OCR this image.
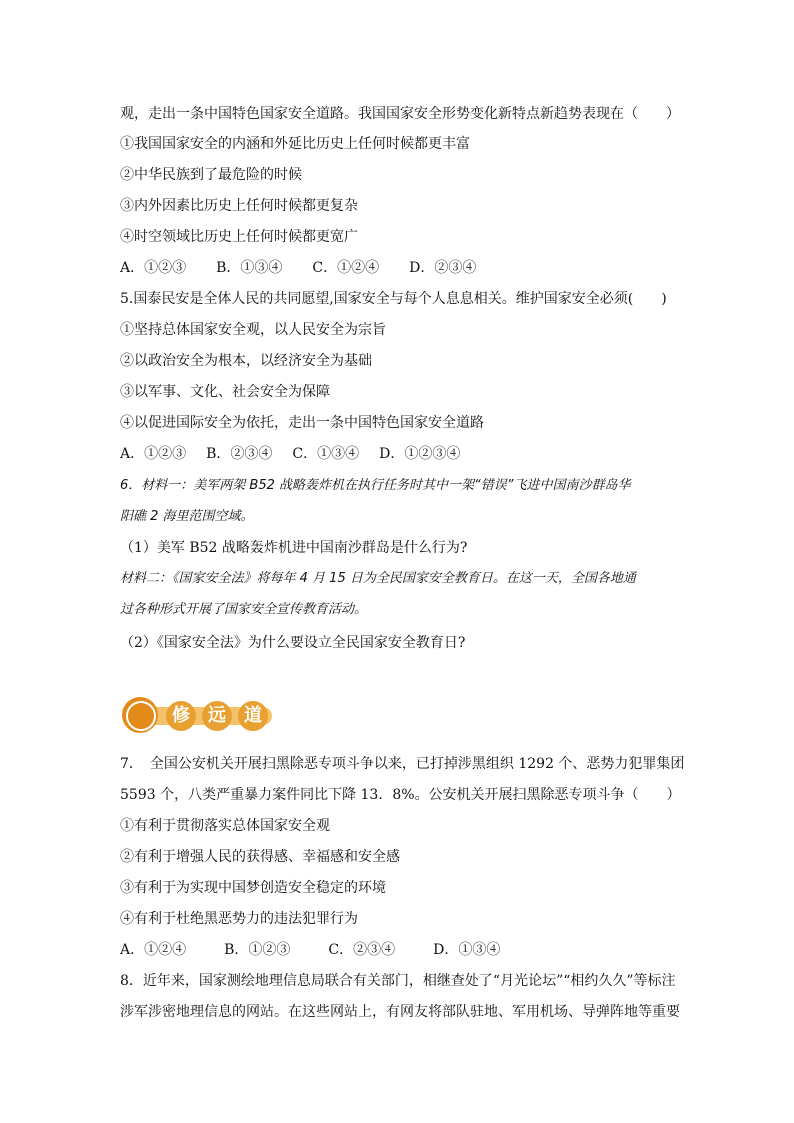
观，走出一条中国特色国家安全道路。我国国家安全形势变化新特点新趋势表现在（　　）
①我国国家安全的内涵和外延比历史上任何时候都更丰富
②中华民族到了最危险的时候
③内外因素比历史上任何时候都更复杂
④时空领域比历史上任何时候都更宽广
A．①②③ B．①③④ C．①②④ D．②③④
5.国泰民安是全体人民的共同愿望,国家安全与每个人息息相关。维护国家安全必须(　　)
①坚持总体国家安全观，以人民安全为宗旨
②以政治安全为根本，以经济安全为基础
③以军事、文化、社会安全为保障
④以促进国际安全为依托，走出一条中国特色国家安全道路
A．①②③ B．②③④ C．①③④ D．①②③④
6．材料一：美军两架 B52 战略轰炸机在执行任务时其中一架“错误”飞进中国南沙群岛华
阳礁 2 海里范围空域。
（1）美军 B52 战略轰炸机进中国南沙群岛是什么行为?
材料二：《国家安全法》将每年 4 月 15 日为全民国家安全教育日。在这一天，全国各地通
过各种形式开展了国家安全宣传教育活动。
（2）《国家安全法》为什么要设立全民国家安全教育日?
修	远	道
7．　全国公安机关开展扫黑除恶专项斗争以来，已打掉涉黑组织 1292 个、恶势力犯罪集团
5593 个，八类严重暴力案件同比下降 13．8%。公安机关开展扫黑除恶专项斗争（　　）
①有利于贯彻落实总体国家安全观
②有利于增强人民的获得感、幸福感和安全感
③有利于为实现中国梦创造安全稳定的环境
④有利于杜绝黑恶势力的违法犯罪行为
A．①②④	B．①②③	C．②③④	D．①③④
8．近年来，国家测绘地理信息局联合有关部门，相继查处了“月光论坛”“相约久久”等标注
涉军涉密地理信息的网站。在这些网站上，有网友将部队驻地、军用机场、导弹阵地等重要
